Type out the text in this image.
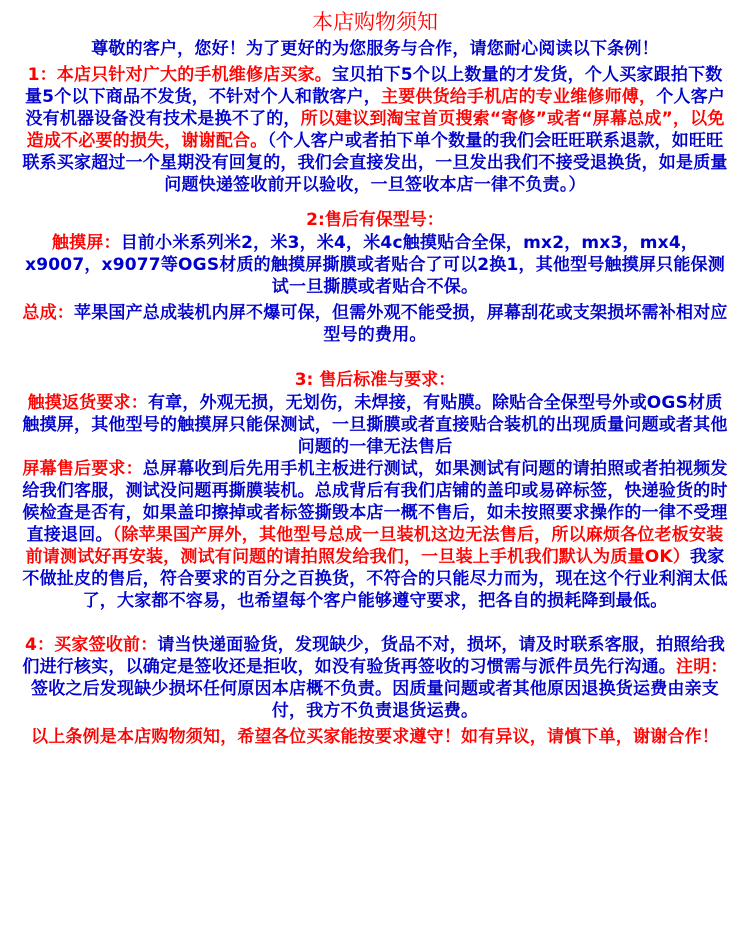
本店购物须知

尊敬的客户，您好！为了更好的为您服务与合作，请您耐心阅读以下条例！

1：本店只针对广大的手机维修店买家。宝贝拍下5个以上数量的才发货，个人买家跟拍下数量5个以下商品不发货，不针对个人和散客户，主要供货给手机店的专业维修师傅，个人客户没有机器设备没有技术是换不了的，所以建议到淘宝首页搜索“寄修”或者“屏幕总成”，以免造成不必要的损失，谢谢配合。（个人客户或者拍下单个数量的我们会旺旺联系退款，如旺旺联系买家超过一个星期没有回复的，我们会直接发出，一旦发出我们不接受退换货，如是质量问题快递签收前开以验收，一旦签收本店一律不负责。）

2:售后有保型号：

触摸屏：目前小米系列米2，米3，米4，米4c触摸贴合全保，mx2，mx3，mx4，x9007，x9077等OGS材质的触摸屏撕膜或者贴合了可以2换1，其他型号触摸屏只能保测试一旦撕膜或者贴合不保。

总成：苹果国产总成装机内屏不爆可保，但需外观不能受损，屏幕刮花或支架损坏需补相对应型号的费用。

3: 售后标准与要求：

触摸返货要求：有章，外观无损，无划伤，未焊接，有贴膜。除贴合全保型号外或OGS材质触摸屏，其他型号的触摸屏只能保测试，一旦撕膜或者直接贴合装机的出现质量问题或者其他问题的一律无法售后

屏幕售后要求：总屏幕收到后先用手机主板进行测试，如果测试有问题的请拍照或者拍视频发给我们客服，测试没问题再撕膜装机。总成背后有我们店铺的盖印或易碎标签，快递验货的时候检查是否有，如果盖印擦掉或者标签撕毁本店一概不售后，如未按照要求操作的一律不受理直接退回。（除苹果国产屏外，其他型号总成一旦装机这边无法售后，所以麻烦各位老板安装前请测试好再安装，测试有问题的请拍照发给我们，一旦装上手机我们默认为质量OK）我家不做扯皮的售后，符合要求的百分之百换货，不符合的只能尽力而为，现在这个行业利润太低了，大家都不容易，也希望每个客户能够遵守要求，把各自的损耗降到最低。

4：买家签收前：请当快递面验货，发现缺少，货品不对，损坏，请及时联系客服，拍照给我们进行核实，以确定是签收还是拒收，如没有验货再签收的习惯需与派件员先行沟通。注明：签收之后发现缺少损坏任何原因本店概不负责。因质量问题或者其他原因退换货运费由亲支付，我方不负责退货运费。

以上条例是本店购物须知，希望各位买家能按要求遵守！如有异议，请慎下单，谢谢合作！
